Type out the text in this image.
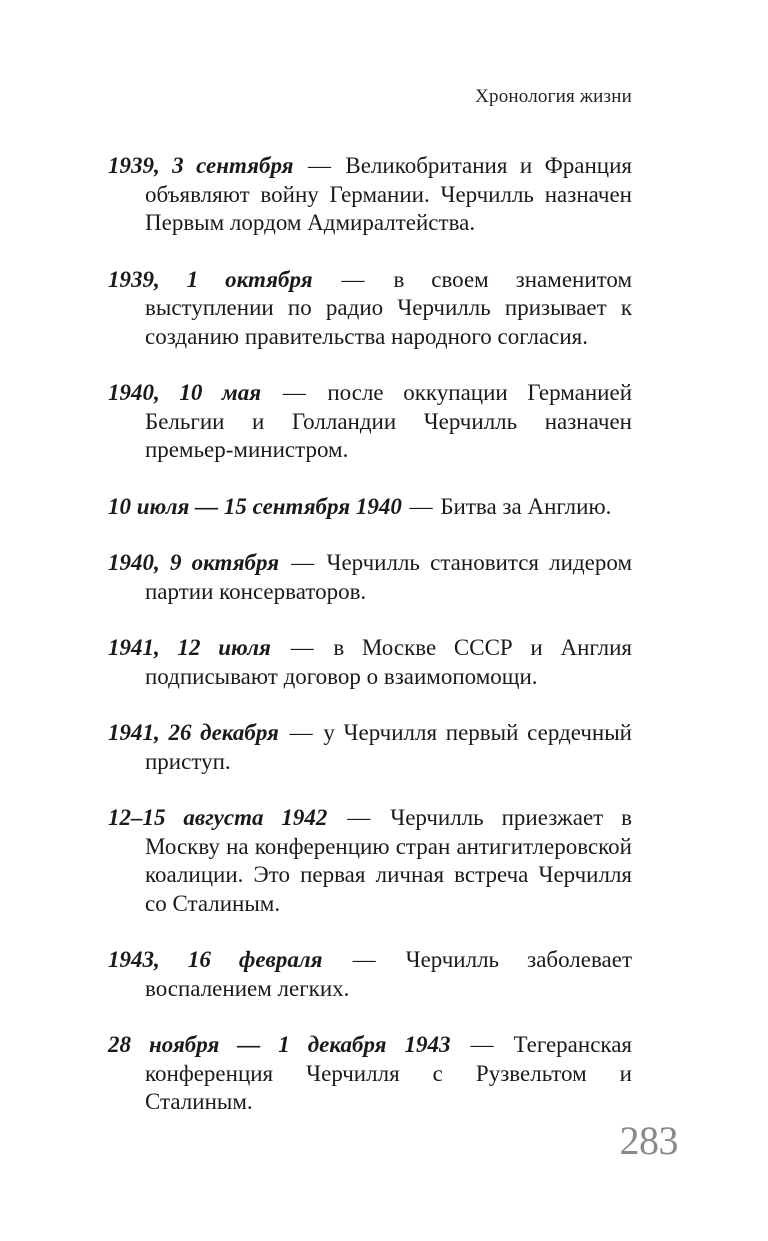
Хронология жизни
1939, 3 сентября — Великобритания и Франция объявляют войну Германии. Черчилль назначен Первым лордом Адмиралтейства.
1939, 1 октября — в своем знаменитом выступлении по радио Черчилль призывает к созданию правительства народного согласия.
1940, 10 мая — после оккупации Германией Бельгии и Голландии Черчилль назначен премьер-министром.
10 июля — 15 сентября 1940 — Битва за Англию.
1940, 9 октября — Черчилль становится лидером партии консерваторов.
1941, 12 июля — в Москве СССР и Англия подписывают договор о взаимопомощи.
1941, 26 декабря — у Черчилля первый сердечный приступ.
12–15 августа 1942 — Черчилль приезжает в Москву на конференцию стран антигитлеровской коалиции. Это первая личная встреча Черчилля со Сталиным.
1943, 16 февраля — Черчилль заболевает воспалением легких.
28 ноября — 1 декабря 1943 — Тегеранская конференция Черчилля с Рузвельтом и Сталиным.
283
